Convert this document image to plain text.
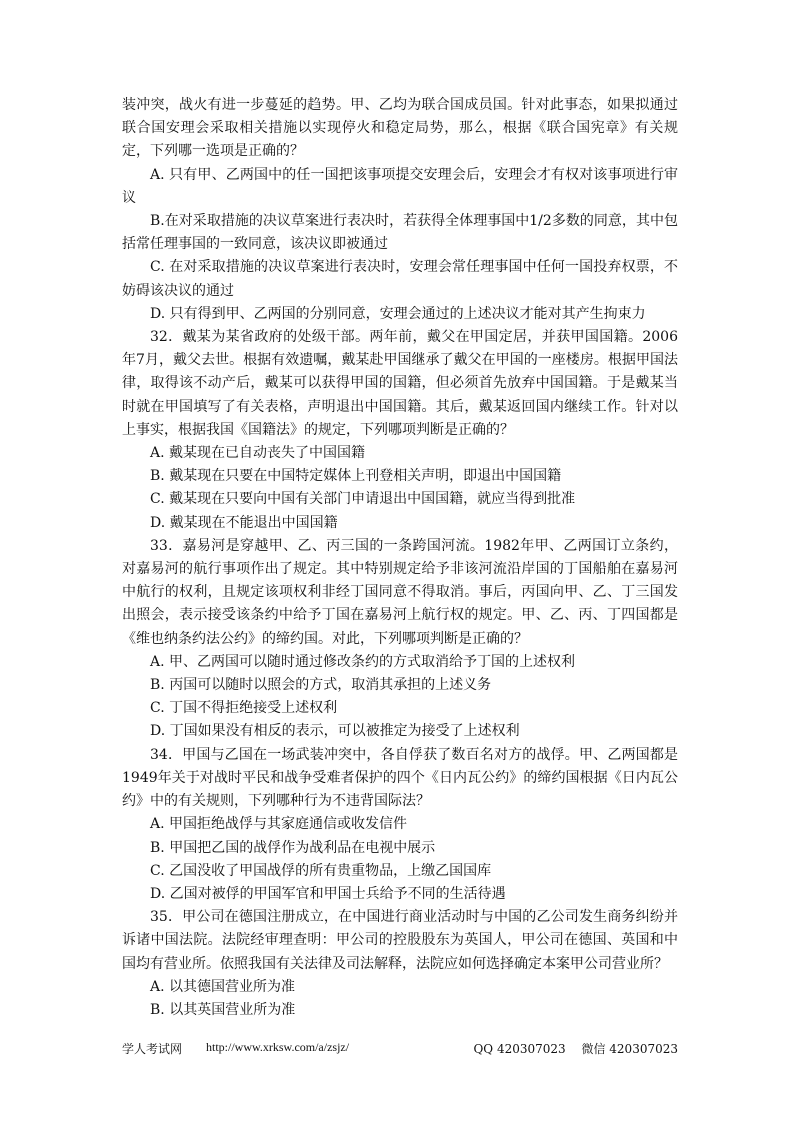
装冲突，战火有进一步蔓延的趋势。甲、乙均为联合国成员国。针对此事态，如果拟通过联合国安理会采取相关措施以实现停火和稳定局势，那么，根据《联合国宪章》有关规定，下列哪一选项是正确的？

A. 只有甲、乙两国中的任一国把该事项提交安理会后，安理会才有权对该事项进行审议

B.在对采取措施的决议草案进行表决时，若获得全体理事国中1/2多数的同意，其中包括常任理事国的一致同意，该决议即被通过

C. 在对采取措施的决议草案进行表决时，安理会常任理事国中任何一国投弃权票，不妨碍该决议的通过

D. 只有得到甲、乙两国的分别同意，安理会通过的上述决议才能对其产生拘束力

32．戴某为某省政府的处级干部。两年前，戴父在甲国定居，并获甲国国籍。2006年7月，戴父去世。根据有效遗嘱，戴某赴甲国继承了戴父在甲国的一座楼房。根据甲国法律，取得该不动产后，戴某可以获得甲国的国籍，但必须首先放弃中国国籍。于是戴某当时就在甲国填写了有关表格，声明退出中国国籍。其后，戴某返回国内继续工作。针对以上事实，根据我国《国籍法》的规定，下列哪项判断是正确的？

A. 戴某现在已自动丧失了中国国籍

B. 戴某现在只要在中国特定媒体上刊登相关声明，即退出中国国籍

C. 戴某现在只要向中国有关部门申请退出中国国籍，就应当得到批准

D. 戴某现在不能退出中国国籍

33．嘉易河是穿越甲、乙、丙三国的一条跨国河流。1982年甲、乙两国订立条约，对嘉易河的航行事项作出了规定。其中特别规定给予非该河流沿岸国的丁国船舶在嘉易河中航行的权利，且规定该项权利非经丁国同意不得取消。事后，丙国向甲、乙、丁三国发出照会，表示接受该条约中给予丁国在嘉易河上航行权的规定。甲、乙、丙、丁四国都是《维也纳条约法公约》的缔约国。对此，下列哪项判断是正确的？

A. 甲、乙两国可以随时通过修改条约的方式取消给予丁国的上述权利

B. 丙国可以随时以照会的方式，取消其承担的上述义务

C. 丁国不得拒绝接受上述权利

D. 丁国如果没有相反的表示，可以被推定为接受了上述权利

34．甲国与乙国在一场武装冲突中，各自俘获了数百名对方的战俘。甲、乙两国都是1949年关于对战时平民和战争受难者保护的四个《日内瓦公约》的缔约国根据《日内瓦公约》中的有关规则，下列哪种行为不违背国际法？

A. 甲国拒绝战俘与其家庭通信或收发信件

B. 甲国把乙国的战俘作为战利品在电视中展示

C. 乙国没收了甲国战俘的所有贵重物品，上缴乙国国库

D. 乙国对被俘的甲国军官和甲国士兵给予不同的生活待遇

35．甲公司在德国注册成立，在中国进行商业活动时与中国的乙公司发生商务纠纷并诉诸中国法院。法院经审理查明：甲公司的控股股东为英国人，甲公司在德国、英国和中国均有营业所。依照我国有关法律及司法解释，法院应如何选择确定本案甲公司营业所？

A. 以其德国营业所为准

B. 以其英国营业所为准

学人考试网 http://www.xrksw.com/a/zsjz/	QQ 420307023　 微信 420307023
